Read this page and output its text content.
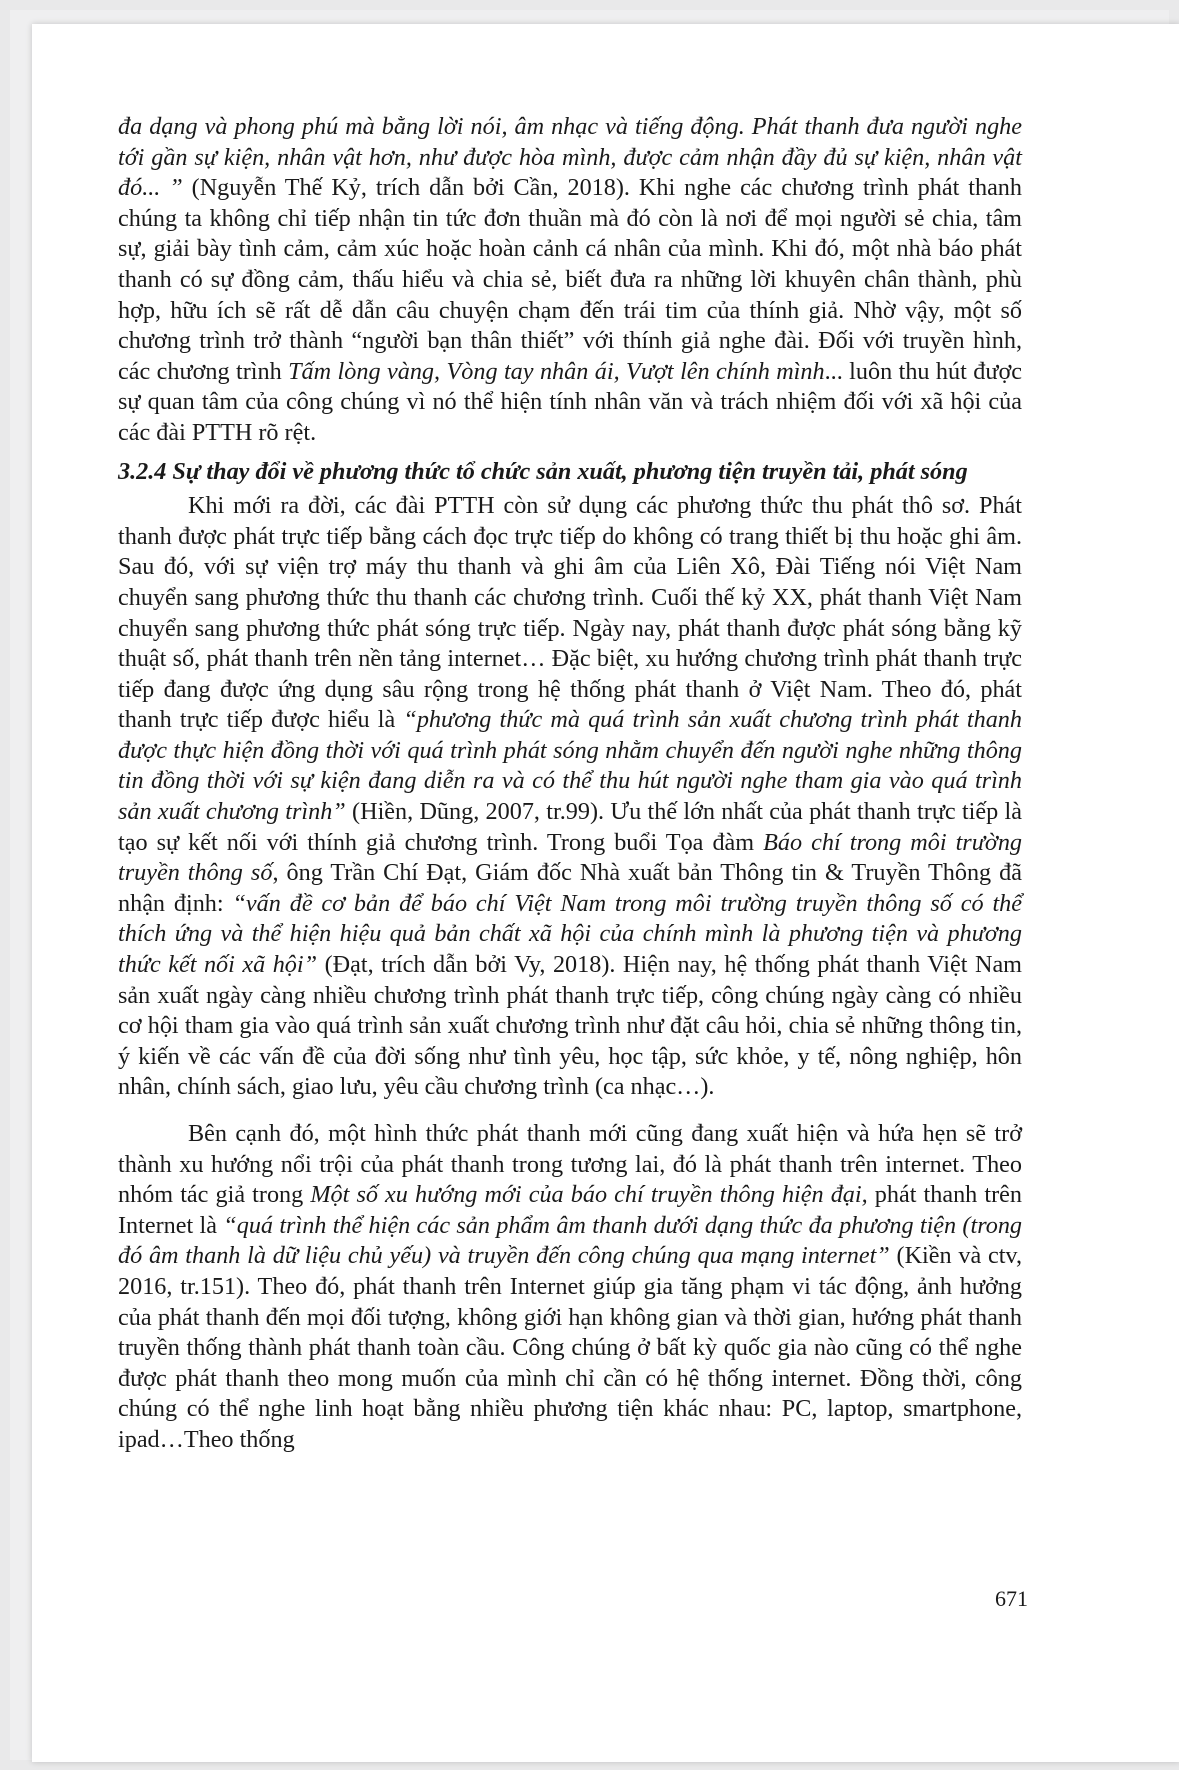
đa dạng và phong phú mà bằng lời nói, âm nhạc và tiếng động. Phát thanh đưa người nghe tới gần sự kiện, nhân vật hơn, như được hòa mình, được cảm nhận đầy đủ sự kiện, nhân vật đó... ” (Nguyễn Thế Kỷ, trích dẫn bởi Cần, 2018). Khi nghe các chương trình phát thanh chúng ta không chỉ tiếp nhận tin tức đơn thuần mà đó còn là nơi để mọi người sẻ chia, tâm sự, giải bày tình cảm, cảm xúc hoặc hoàn cảnh cá nhân của mình. Khi đó, một nhà báo phát thanh có sự đồng cảm, thấu hiểu và chia sẻ, biết đưa ra những lời khuyên chân thành, phù hợp, hữu ích sẽ rất dễ dẫn câu chuyện chạm đến trái tim của thính giả. Nhờ vậy, một số chương trình trở thành “người bạn thân thiết” với thính giả nghe đài. Đối với truyền hình, các chương trình Tấm lòng vàng, Vòng tay nhân ái, Vượt lên chính mình... luôn thu hút được sự quan tâm của công chúng vì nó thể hiện tính nhân văn và trách nhiệm đối với xã hội của các đài PTTH rõ rệt.

3.2.4 Sự thay đổi về phương thức tổ chức sản xuất, phương tiện truyền tải, phát sóng

Khi mới ra đời, các đài PTTH còn sử dụng các phương thức thu phát thô sơ. Phát thanh được phát trực tiếp bằng cách đọc trực tiếp do không có trang thiết bị thu hoặc ghi âm. Sau đó, với sự viện trợ máy thu thanh và ghi âm của Liên Xô, Đài Tiếng nói Việt Nam chuyển sang phương thức thu thanh các chương trình. Cuối thế kỷ XX, phát thanh Việt Nam chuyển sang phương thức phát sóng trực tiếp. Ngày nay, phát thanh được phát sóng bằng kỹ thuật số, phát thanh trên nền tảng internet… Đặc biệt, xu hướng chương trình phát thanh trực tiếp đang được ứng dụng sâu rộng trong hệ thống phát thanh ở Việt Nam. Theo đó, phát thanh trực tiếp được hiểu là “phương thức mà quá trình sản xuất chương trình phát thanh được thực hiện đồng thời với quá trình phát sóng nhằm chuyển đến người nghe những thông tin đồng thời với sự kiện đang diễn ra và có thể thu hút người nghe tham gia vào quá trình sản xuất chương trình” (Hiền, Dũng, 2007, tr.99). Ưu thế lớn nhất của phát thanh trực tiếp là tạo sự kết nối với thính giả chương trình. Trong buổi Tọa đàm Báo chí trong môi trường truyền thông số, ông Trần Chí Đạt, Giám đốc Nhà xuất bản Thông tin & Truyền Thông đã nhận định: “vấn đề cơ bản để báo chí Việt Nam trong môi trường truyền thông số có thể thích ứng và thể hiện hiệu quả bản chất xã hội của chính mình là phương tiện và phương thức kết nối xã hội” (Đạt, trích dẫn bởi Vy, 2018). Hiện nay, hệ thống phát thanh Việt Nam sản xuất ngày càng nhiều chương trình phát thanh trực tiếp, công chúng ngày càng có nhiều cơ hội tham gia vào quá trình sản xuất chương trình như đặt câu hỏi, chia sẻ những thông tin, ý kiến về các vấn đề của đời sống như tình yêu, học tập, sức khỏe, y tế, nông nghiệp, hôn nhân, chính sách, giao lưu, yêu cầu chương trình (ca nhạc…).

Bên cạnh đó, một hình thức phát thanh mới cũng đang xuất hiện và hứa hẹn sẽ trở thành xu hướng nổi trội của phát thanh trong tương lai, đó là phát thanh trên internet. Theo nhóm tác giả trong Một số xu hướng mới của báo chí truyền thông hiện đại, phát thanh trên Internet là “quá trình thể hiện các sản phẩm âm thanh dưới dạng thức đa phương tiện (trong đó âm thanh là dữ liệu chủ yếu) và truyền đến công chúng qua mạng internet” (Kiền và ctv, 2016, tr.151). Theo đó, phát thanh trên Internet giúp gia tăng phạm vi tác động, ảnh hưởng của phát thanh đến mọi đối tượng, không giới hạn không gian và thời gian, hướng phát thanh truyền thống thành phát thanh toàn cầu. Công chúng ở bất kỳ quốc gia nào cũng có thể nghe được phát thanh theo mong muốn của mình chỉ cần có hệ thống internet. Đồng thời, công chúng có thể nghe linh hoạt bằng nhiều phương tiện khác nhau: PC, laptop, smartphone, ipad…Theo thống

671
